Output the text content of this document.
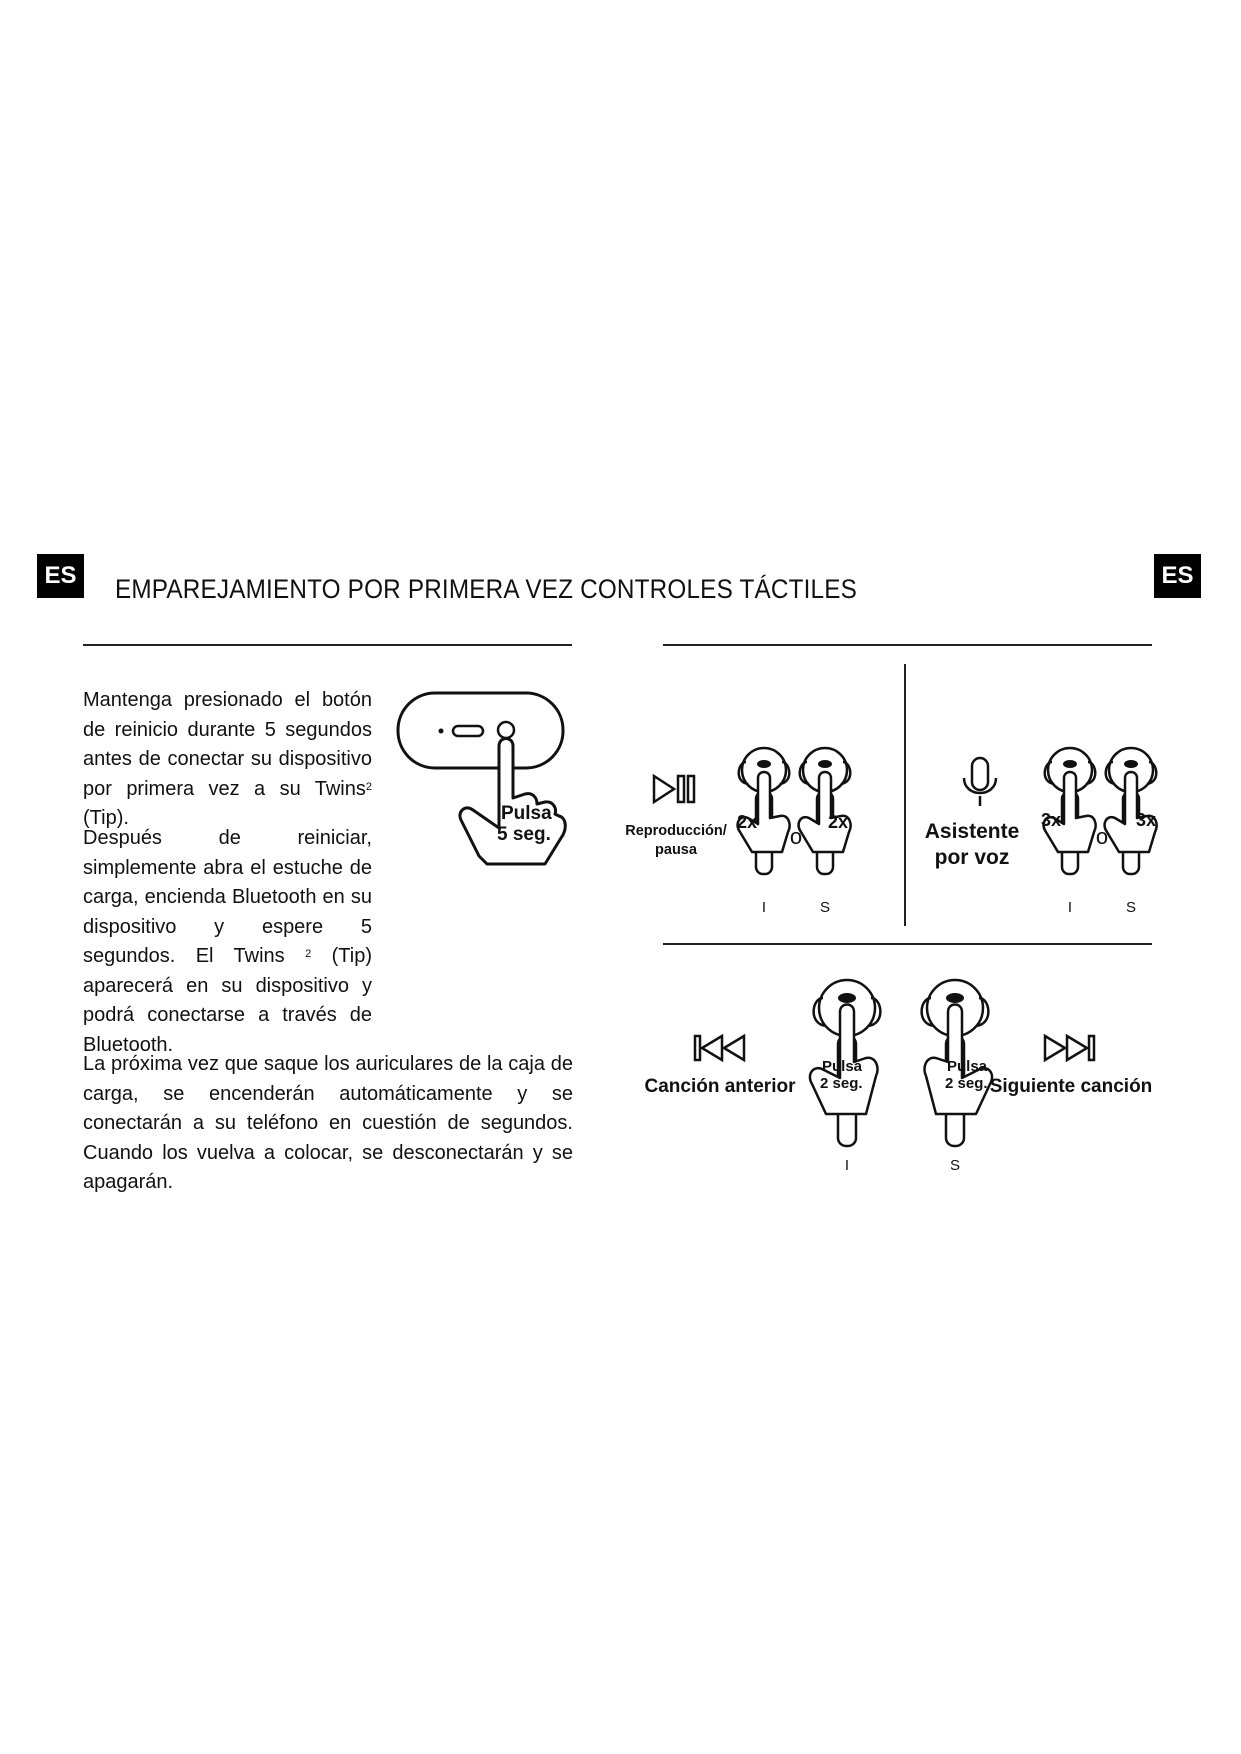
ES	ES
EMPAREJAMIENTO POR PRIMERA VEZ CONTROLES TÁCTILES
Mantenga presionado el botón de reinicio durante 5 segundos antes de conectar su dispositivo por primera vez a su Twins$^2$ (Tip).
Después de reiniciar, simplemente abra el estuche de carga, encienda Bluetooth en su dispositivo y espere 5 segundos. El Twins $^2$ (Tip) aparecerá en su dispositivo y podrá conectarse a través de Bluetooth.
La próxima vez que saque los auriculares de la caja de carga, se encenderán automáticamente y se conectarán a su teléfono en cuestión de segundos. Cuando los vuelva a colocar, se desconectarán y se apagarán.
Pulsa
5 seg.	Reproducción/
pausa
2x
o
2x
I	S
Asistente
por voz
3x
o
3x
I	S
Canción anterior
Pulsa
2 seg.
I
Pulsa
2 seg.
S
Siguiente canción
